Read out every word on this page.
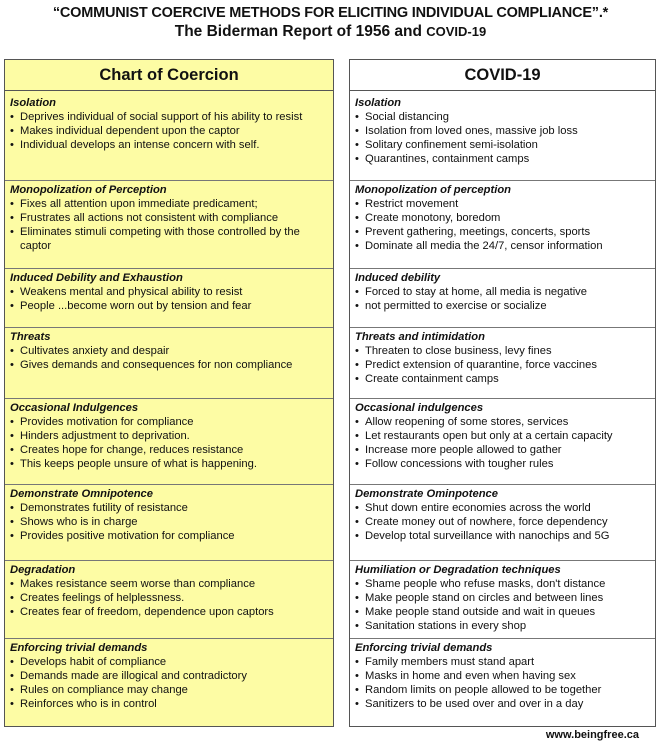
“COMMUNIST COERCIVE METHODS FOR ELICITING INDIVIDUAL COMPLIANCE”.*
The Biderman Report of 1956 and COVID-19
Chart of Coercion
Isolation
• Deprives individual of social support of his ability to resist
• Makes individual dependent upon the captor
• Individual develops an intense concern with self.
Monopolization of Perception
• Fixes all attention upon immediate predicament;
• Frustrates all actions not consistent with compliance
• Eliminates stimuli competing with those controlled by the captor
Induced Debility and Exhaustion
• Weakens mental and physical ability to resist
• People ...become worn out by tension and fear
Threats
• Cultivates anxiety and despair
• Gives demands and consequences for non compliance
Occasional Indulgences
• Provides motivation for compliance
• Hinders adjustment to deprivation.
• Creates hope for change, reduces resistance
• This keeps people unsure of what is happening.
Demonstrate Omnipotence
• Demonstrates futility of resistance
• Shows who is in charge
• Provides positive motivation for compliance
Degradation
• Makes resistance seem worse than compliance
• Creates feelings of helplessness.
• Creates fear of freedom, dependence upon captors
Enforcing trivial demands
• Develops habit of compliance
• Demands made are illogical and contradictory
• Rules on compliance may change
• Reinforces who is in control
COVID-19
Isolation
• Social distancing
• Isolation from loved ones, massive job loss
• Solitary confinement semi-isolation
• Quarantines, containment camps
Monopolization of perception
• Restrict movement
• Create monotony, boredom
• Prevent gathering, meetings, concerts, sports
• Dominate all media the 24/7, censor information
Induced debility
• Forced to stay at home, all media is negative
• not permitted to exercise or socialize
Threats and intimidation
• Threaten to close business, levy fines
• Predict extension of quarantine, force vaccines
• Create containment camps
Occasional indulgences
• Allow reopening of some stores, services
• Let restaurants open but only at a certain capacity
• Increase more people allowed to gather
• Follow concessions with tougher rules
Demonstrate Ominpotence
• Shut down entire economies across the world
• Create money out of nowhere, force dependency
• Develop total surveillance with nanochips and 5G
Humiliation or Degradation techniques
• Shame people who refuse masks, don't distance
• Make people stand on circles and between lines
• Make people stand outside and wait in queues
• Sanitation stations in every shop
Enforcing trivial demands
• Family members must stand apart
• Masks in home and even when having sex
• Random limits on people allowed to be together
• Sanitizers to be used over and over in a day
www.beingfree.ca
